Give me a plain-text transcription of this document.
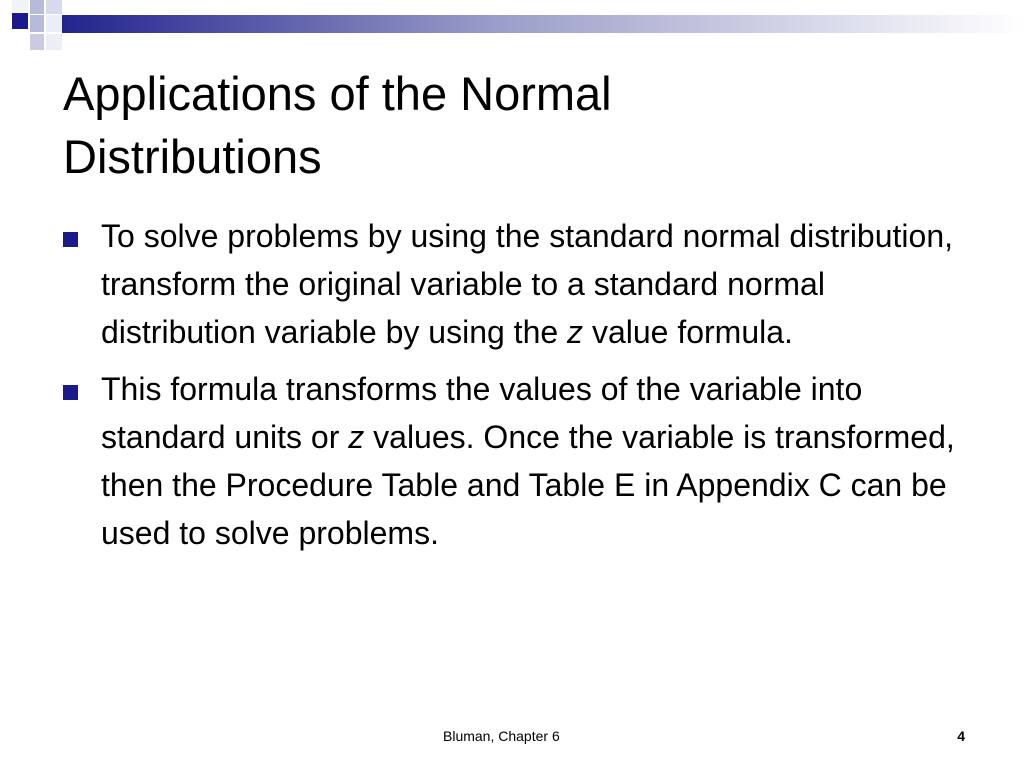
Applications of the Normal
Distributions
To solve problems by using the standard normal distribution, transform the original variable to a standard normal distribution variable by using the z value formula.
This formula transforms the values of the variable into standard units or z values. Once the variable is transformed, then the Procedure Table and Table E in Appendix C can be used to solve problems.
Bluman, Chapter 6	4
